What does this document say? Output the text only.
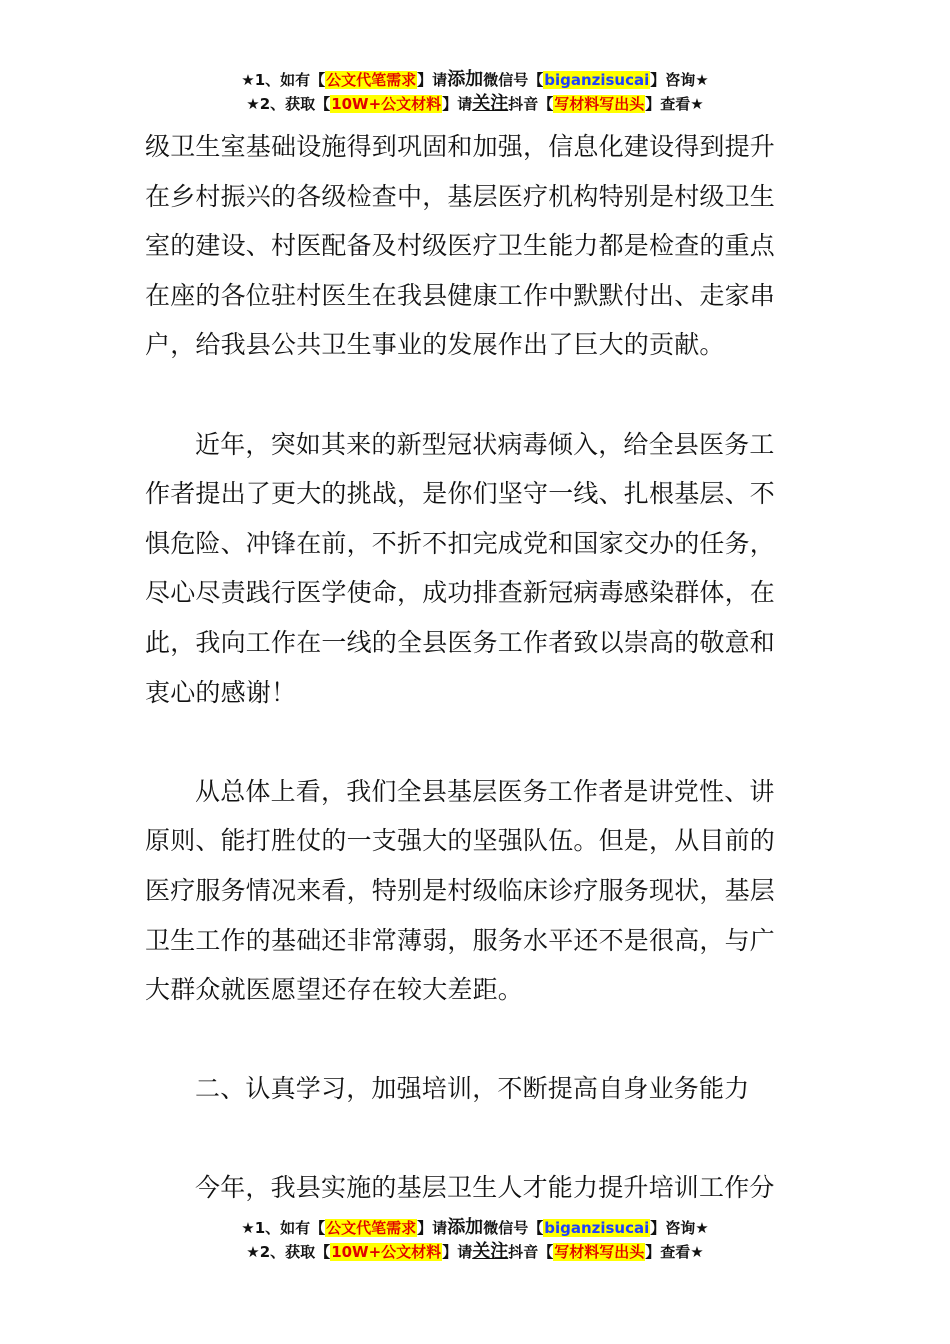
★1、如有【公文代笔需求】请添加微信号【biganzisucai】咨询★
★2、获取【10W+公文材料】请关注抖音【写材料写出头】查看★

级卫生室基础设施得到巩固和加强，信息化建设得到提升

在乡村振兴的各级检查中，基层医疗机构特别是村级卫生

室的建设、村医配备及村级医疗卫生能力都是检查的重点

在座的各位驻村医生在我县健康工作中默默付出、走家串

户，给我县公共卫生事业的发展作出了巨大的贡献。

近年，突如其来的新型冠状病毒倾入，给全县医务工

作者提出了更大的挑战，是你们坚守一线、扎根基层、不

惧危险、冲锋在前，不折不扣完成党和国家交办的任务，

尽心尽责践行医学使命，成功排查新冠病毒感染群体，在

此，我向工作在一线的全县医务工作者致以崇高的敬意和

衷心的感谢！

从总体上看，我们全县基层医务工作者是讲党性、讲

原则、能打胜仗的一支强大的坚强队伍。但是，从目前的

医疗服务情况来看，特别是村级临床诊疗服务现状，基层

卫生工作的基础还非常薄弱，服务水平还不是很高，与广

大群众就医愿望还存在较大差距。

二、认真学习，加强培训，不断提高自身业务能力

今年，我县实施的基层卫生人才能力提升培训工作分

★1、如有【公文代笔需求】请添加微信号【biganzisucai】咨询★
★2、获取【10W+公文材料】请关注抖音【写材料写出头】查看★
